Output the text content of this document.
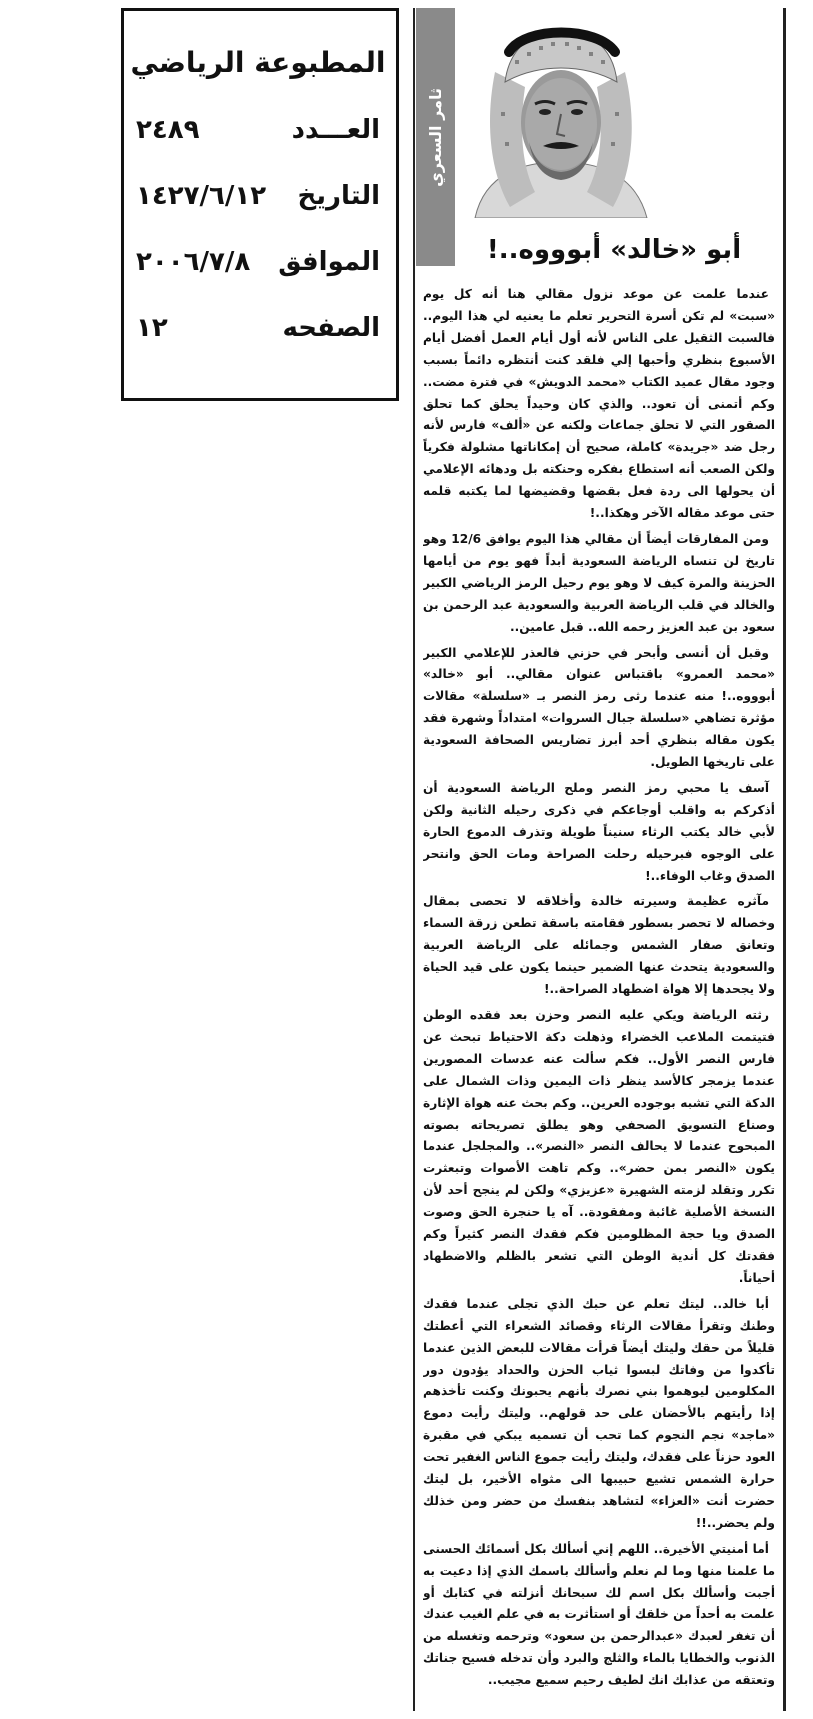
المطبوعة الرياضي
العـــدد
٢٤٨٩
التاريخ
١٤٢٧/٦/١٢
الموافق
٢٠٠٦/٧/٨
الصفحه
١٢
ثامر السعري
أبو «خالد» أبوووه..!

عندما علمت عن موعد نزول مقالي هنا أنه كل يوم «سبت» لم تكن أسرة التحرير تعلم ما يعنيه لي هذا اليوم.. فالسبت الثقيل على الناس لأنه أول أيام العمل أفضل أيام الأسبوع بنظري وأحبها إلي فلقد كنت أنتظره دائماً بسبب وجود مقال عميد الكتاب «محمد الدويش» في فترة مضت.. وكم أتمنى أن تعود.. والذي كان وحيداً يحلق كما تحلق الصقور التي لا تحلق جماعات ولكنه عن «ألف» فارس لأنه رجل ضد «جريدة» كاملة، صحيح أن إمكاناتها مشلولة فكرياً ولكن الصعب أنه استطاع بفكره وحنكته بل ودهائه الإعلامي أن يحولها الى ردة فعل بقضها وقضيضها لما يكتبه قلمه حتى موعد مقاله الآخر وهكذا..!

ومن المفارقات أيضاً أن مقالي هذا اليوم يوافق 12/6 وهو تاريخ لن تنساه الرياضة السعودية أبداً فهو يوم من أيامها الحزينة والمرة كيف لا وهو يوم رحيل الرمز الرياضي الكبير والخالد في قلب الرياضة العربية والسعودية عبد الرحمن بن سعود بن عبد العزيز رحمه الله.. قبل عامين..

وقبل أن أنسى وأبحر في حزني فالعذر للإعلامي الكبير «محمد العمرو» باقتباس عنوان مقالي.. أبو «خالد» أبوووه..! منه عندما رثى رمز النصر بـ «سلسلة» مقالات مؤثرة تضاهي «سلسلة جبال السروات» امتداداً وشهرة فقد يكون مقاله بنظري أحد أبرز تضاريس الصحافة السعودية على تاريخها الطويل.

آسف يا محبي رمز النصر وملح الرياضة السعودية أن أذكركم به واقلب أوجاعكم في ذكرى رحيله الثانية ولكن لأبي خالد يكتب الرثاء سنيناً طويلة وتذرف الدموع الحارة على الوجوه فبرحيله رحلت الصراحة ومات الحق وانتحر الصدق وغاب الوفاء..!

مآثره عظيمة وسيرته خالدة وأخلاقه لا تحصى بمقال وخصاله لا تحصر بسطور فقامته باسقة تطعن زرقة السماء وتعانق صفار الشمس وجمائله على الرياضة العربية والسعودية يتحدث عنها الضمير حينما يكون على قيد الحياة ولا يجحدها إلا هواة اضطهاد الصراحة..!

رثته الرياضة ويكي عليه النصر وحزن بعد فقده الوطن فتيتمت الملاعب الخضراء وذهلت دكة الاحتياط تبحث عن فارس النصر الأول.. فكم سألت عنه عدسات المصورين عندما يزمجر كالأسد ينظر ذات اليمين وذات الشمال على الدكة التي تشبه بوجوده العرين.. وكم بحث عنه هواة الإثارة وصناع التسويق الصحفي وهو يطلق تصريحاته بصوته المبحوح عندما لا يحالف النصر «النصر».. والمجلجل عندما يكون «النصر بمن حضر».. وكم تاهت الأصوات وتبعثرت تكرر وتقلد لزمته الشهيرة «عزيزي» ولكن لم ينجح أحد لأن النسخة الأصلية غائبة ومفقودة.. آه يا حنجرة الحق وصوت الصدق ويا حجة المظلومين فكم فقدك النصر كثيراً وكم فقدتك كل أندية الوطن التي تشعر بالظلم والاضطهاد أحياناً.

أبا خالد.. ليتك تعلم عن حبك الذي تجلى عندما فقدك وطنك وتقرأ مقالات الرثاء وقصائد الشعراء التي أعطتك قليلاً من حقك وليتك أيضاً قرأت مقالات للبعض الذين عندما تأكدوا من وفاتك لبسوا ثياب الحزن والحداد يؤدون دور المكلومين ليوهموا بني نصرك بأنهم يحبونك وكنت تأخذهم إذا رأيتهم بالأحضان على حد قولهم.. وليتك رأيت دموع «ماجد» نجم النجوم كما تحب أن تسميه يبكي في مقبرة العود حزناً على فقدك، وليتك رأيت جموع الناس الغفير تحت حرارة الشمس تشيع حبيبها الى مثواه الأخير، بل ليتك حضرت أنت «العزاء» لتشاهد بنفسك من حضر ومن خذلك ولم يحضر..!!

أما أمنيتي الأخيرة.. اللهم إني أسألك بكل أسمائك الحسنى ما علمنا منها وما لم نعلم وأسألك باسمك الذي إذا دعيت به أجبت وأسألك بكل اسم لك سبحانك أنزلته في كتابك أو علمت به أحداً من خلقك أو استأثرت به في علم الغيب عندك أن تغفر لعبدك «عبدالرحمن بن سعود» وترحمه وتغسله من الذنوب والخطايا بالماء والثلج والبرد وأن تدخله فسيح جناتك وتعتقه من عذابك انك لطيف رحيم سميع مجيب..
